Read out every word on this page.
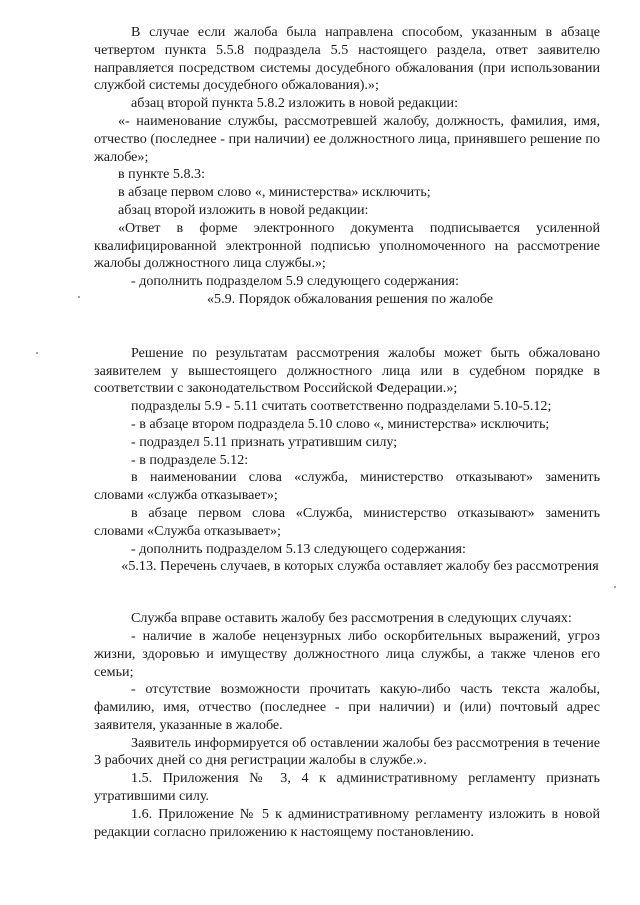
В случае если жалоба была направлена способом, указанным в абзаце четвертом пункта 5.5.8 подраздела 5.5 настоящего раздела, ответ заявителю направляется посредством системы досудебного обжалования (при использовании службой системы досудебного обжалования).»;

абзац второй пункта 5.8.2 изложить в новой редакции:

«- наименование службы, рассмотревшей жалобу, должность, фамилия, имя, отчество (последнее - при наличии) ее должностного лица, принявшего решение по жалобе»;

в пункте 5.8.3:

в абзаце первом слово «, министерства» исключить;

абзац второй изложить в новой редакции:

«Ответ в форме электронного документа подписывается усиленной квалифицированной электронной подписью уполномоченного на рассмотрение жалобы должностного лица службы.»;

- дополнить подразделом 5.9 следующего содержания:

«5.9. Порядок обжалования решения по жалобе

Решение по результатам рассмотрения жалобы может быть обжаловано заявителем у вышестоящего должностного лица или в судебном порядке в соответствии с законодательством Российской Федерации.»;

подразделы 5.9 - 5.11 считать соответственно подразделами 5.10-5.12;

- в абзаце втором подраздела 5.10 слово «, министерства» исключить;

- подраздел 5.11 признать утратившим силу;

- в подразделе 5.12:

в наименовании слова «служба, министерство отказывают» заменить словами «служба отказывает»;

в абзаце первом слова «Служба, министерство отказывают» заменить словами «Служба отказывает»;

- дополнить подразделом 5.13 следующего содержания:

«5.13. Перечень случаев, в которых служба оставляет жалобу без рассмотрения

Служба вправе оставить жалобу без рассмотрения в следующих случаях:

- наличие в жалобе нецензурных либо оскорбительных выражений, угроз жизни, здоровью и имуществу должностного лица службы, а также членов его семьи;

- отсутствие возможности прочитать какую-либо часть текста жалобы, фамилию, имя, отчество (последнее - при наличии) и (или) почтовый адрес заявителя, указанные в жалобе.

Заявитель информируется об оставлении жалобы без рассмотрения в течение 3 рабочих дней со дня регистрации жалобы в службе.».

1.5. Приложения № 3, 4 к административному регламенту признать утратившими силу.

1.6. Приложение № 5 к административному регламенту изложить в новой редакции согласно приложению к настоящему постановлению.
